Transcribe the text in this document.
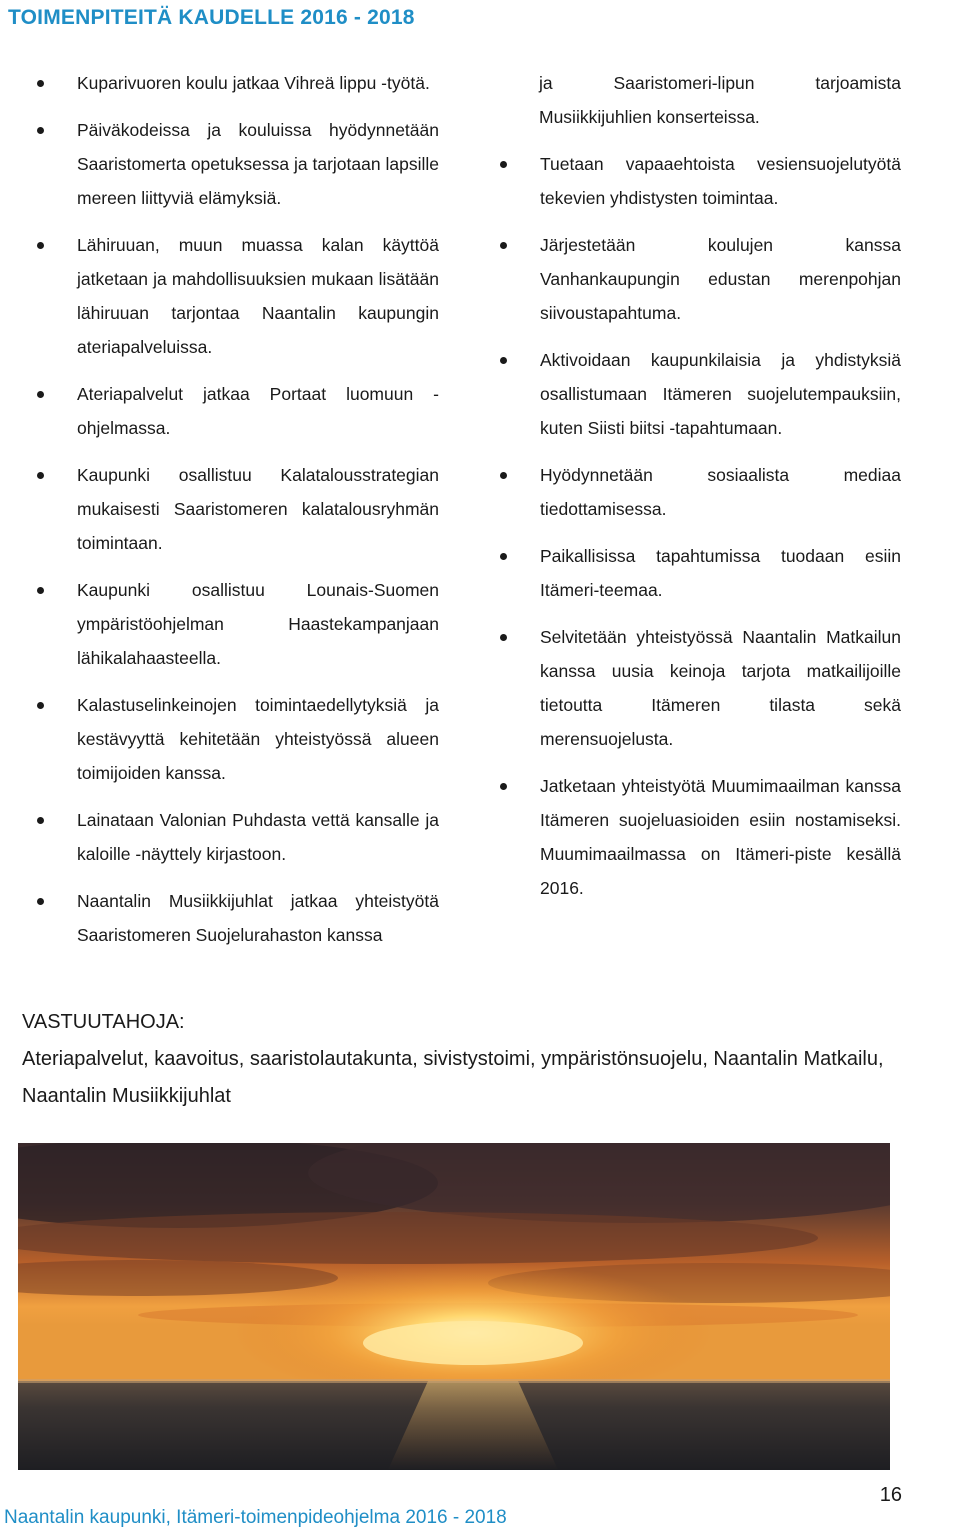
TOIMENPITEITÄ KAUDELLE 2016 - 2018
Kuparivuoren koulu jatkaa Vihreä lippu -työtä.
Päiväkodeissa ja kouluissa hyödynnetään Saaristomerta opetuksessa ja tarjotaan lapsille mereen liittyviä elämyksiä.
Lähiruuan, muun muassa kalan käyttöä jatketaan ja mahdollisuuksien mukaan lisätään lähiruuan tarjontaa Naantalin kaupungin ateriapalveluissa.
Ateriapalvelut jatkaa Portaat luomuun - ohjelmassa.
Kaupunki osallistuu Kalatalousstrategian mukaisesti Saaristomeren kalatalousryhmän toimintaan.
Kaupunki osallistuu Lounais-Suomen ympäristöohjelman Haastekampanjaan lähikalahaasteella.
Kalastuselinkeinojen toimintaedellytyksiä ja kestävyyttä kehitetään yhteistyössä alueen toimijoiden kanssa.
Lainataan Valonian Puhdasta vettä kansalle ja kaloille -näyttely kirjastoon.
Naantalin Musiikkijuhlat jatkaa yhteistyötä Saaristomeren Suojelurahaston kanssa
ja Saaristomeri-lipun tarjoamista Musiikkijuhlien konserteissa.
Tuetaan vapaaehtoista vesiensuojelutyötä tekevien yhdistysten toimintaa.
Järjestetään koulujen kanssa Vanhankaupungin edustan merenpohjan siivoustapahtuma.
Aktivoidaan kaupunkilaisia ja yhdistyksiä osallistumaan Itämeren suojelutempauksiin, kuten Siisti biitsi -tapahtumaan.
Hyödynnetään sosiaalista mediaa tiedottamisessa.
Paikallisissa tapahtumissa tuodaan esiin Itämeri-teemaa.
Selvitetään yhteistyössä Naantalin Matkailun kanssa uusia keinoja tarjota matkailijoille tietoutta Itämeren tilasta sekä merensuojelusta.
Jatketaan yhteistyötä Muumimaailman kanssa Itämeren suojeluasioiden esiin nostamiseksi. Muumimaailmassa on Itämeri-piste kesällä 2016.
VASTUUTAHOJA:
Ateriapalvelut, kaavoitus, saaristolautakunta, sivistystoimi, ympäristönsuojelu, Naantalin Matkailu, Naantalin Musiikkijuhlat
16
Naantalin kaupunki, Itämeri-toimenpideohjelma 2016 - 2018
